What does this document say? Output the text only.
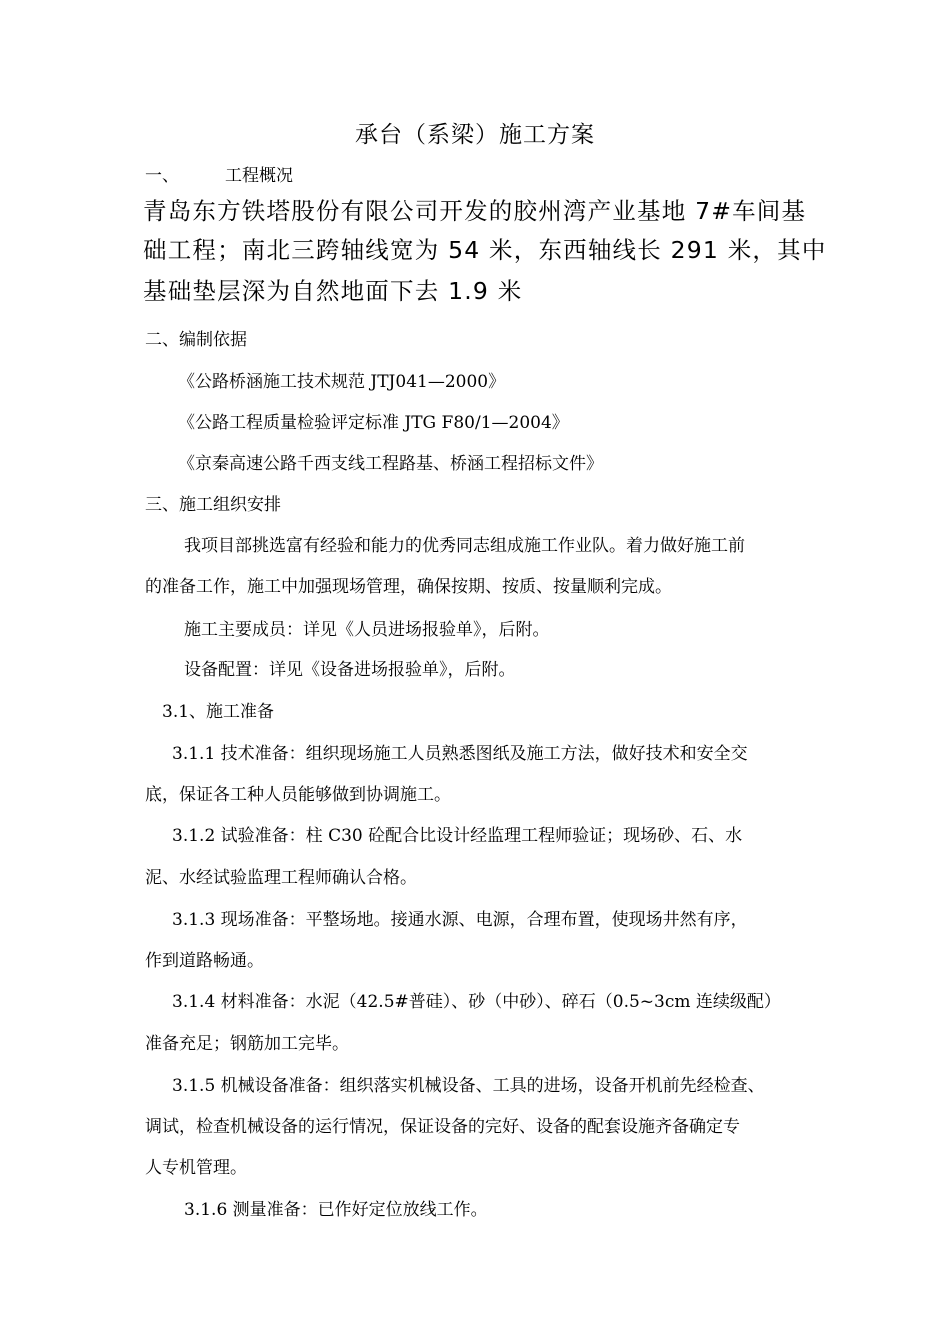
承台（系梁）施工方案
一、	工程概况
青岛东方铁塔股份有限公司开发的胶州湾产业基地 7#车间基
础工程；南北三跨轴线宽为 54 米，东西轴线长 291 米，其中
基础垫层深为自然地面下去 1.9 米
二、编制依据
《公路桥涵施工技术规范 JTJ041—2000》
《公路工程质量检验评定标准 JTG F80/1—2004》
《京秦高速公路千西支线工程路基、桥涵工程招标文件》
三、施工组织安排
我项目部挑选富有经验和能力的优秀同志组成施工作业队。着力做好施工前
的准备工作，施工中加强现场管理，确保按期、按质、按量顺利完成。
施工主要成员：详见《人员进场报验单》，后附。
设备配置：详见《设备进场报验单》，后附。
3.1、施工准备
3.1.1 技术准备：组织现场施工人员熟悉图纸及施工方法，做好技术和安全交
底，保证各工种人员能够做到协调施工。
3.1.2 试验准备：柱 C30 砼配合比设计经监理工程师验证；现场砂、石、水
泥、水经试验监理工程师确认合格。
3.1.3 现场准备：平整场地。接通水源、电源，合理布置，使现场井然有序，
作到道路畅通。
3.1.4 材料准备：水泥（42.5#普硅）、砂（中砂）、碎石（0.5~3cm 连续级配）
准备充足；钢筋加工完毕。
3.1.5 机械设备准备：组织落实机械设备、工具的进场，设备开机前先经检查、
调试，检查机械设备的运行情况，保证设备的完好、设备的配套设施齐备确定专
人专机管理。
3.1.6 测量准备：已作好定位放线工作。
